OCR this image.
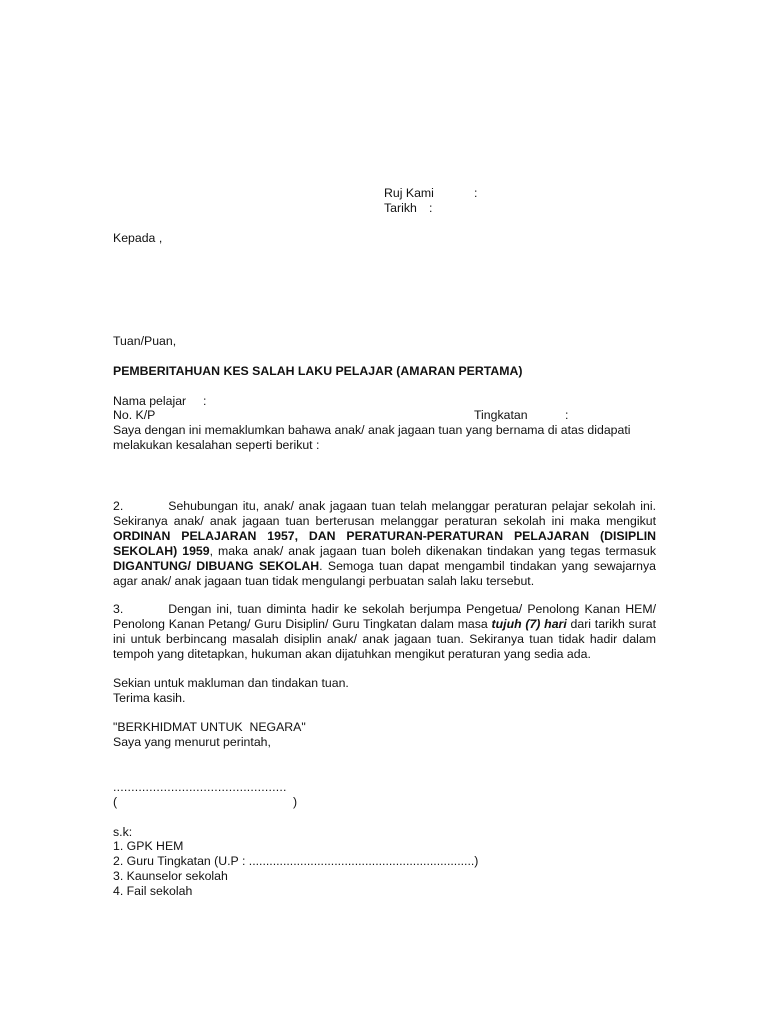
Ruj Kami	:
Tarikh :
Kepada ,
Tuan/Puan,
PEMBERITAHUAN KES SALAH LAKU PELAJAR (AMARAN PERTAMA)
Nama pelajar :
No. K/P	Tingkatan	:
Saya dengan ini memaklumkan bahawa anak/ anak jagaan tuan yang bernama di atas didapati
melakukan kesalahan seperti berikut :
2.	Sehubungan itu, anak/ anak jagaan tuan telah melanggar peraturan pelajar sekolah ini. Sekiranya anak/ anak jagaan tuan berterusan melanggar peraturan sekolah ini maka mengikut ORDINAN PELAJARAN 1957, DAN PERATURAN-PERATURAN PELAJARAN (DISIPLIN SEKOLAH) 1959, maka anak/ anak jagaan tuan boleh dikenakan tindakan yang tegas termasuk DIGANTUNG/ DIBUANG SEKOLAH. Semoga tuan dapat mengambil tindakan yang sewajarnya agar anak/ anak jagaan tuan tidak mengulangi perbuatan salah laku tersebut.
3.	Dengan ini, tuan diminta hadir ke sekolah berjumpa Pengetua/ Penolong Kanan HEM/ Penolong Kanan Petang/ Guru Disiplin/ Guru Tingkatan dalam masa tujuh (7) hari dari tarikh surat ini untuk berbincang masalah disiplin anak/ anak jagaan tuan. Sekiranya tuan tidak hadir dalam tempoh yang ditetapkan, hukuman akan dijatuhkan mengikut peraturan yang sedia ada.
Sekian untuk makluman dan tindakan tuan.
Terima kasih.
"BERKHIDMAT UNTUK  NEGARA"
Saya yang menurut perintah,
................................................
(	)
s.k:
1. GPK HEM
2. Guru Tingkatan (U.P : ..................................................................)
3. Kaunselor sekolah
4. Fail sekolah
